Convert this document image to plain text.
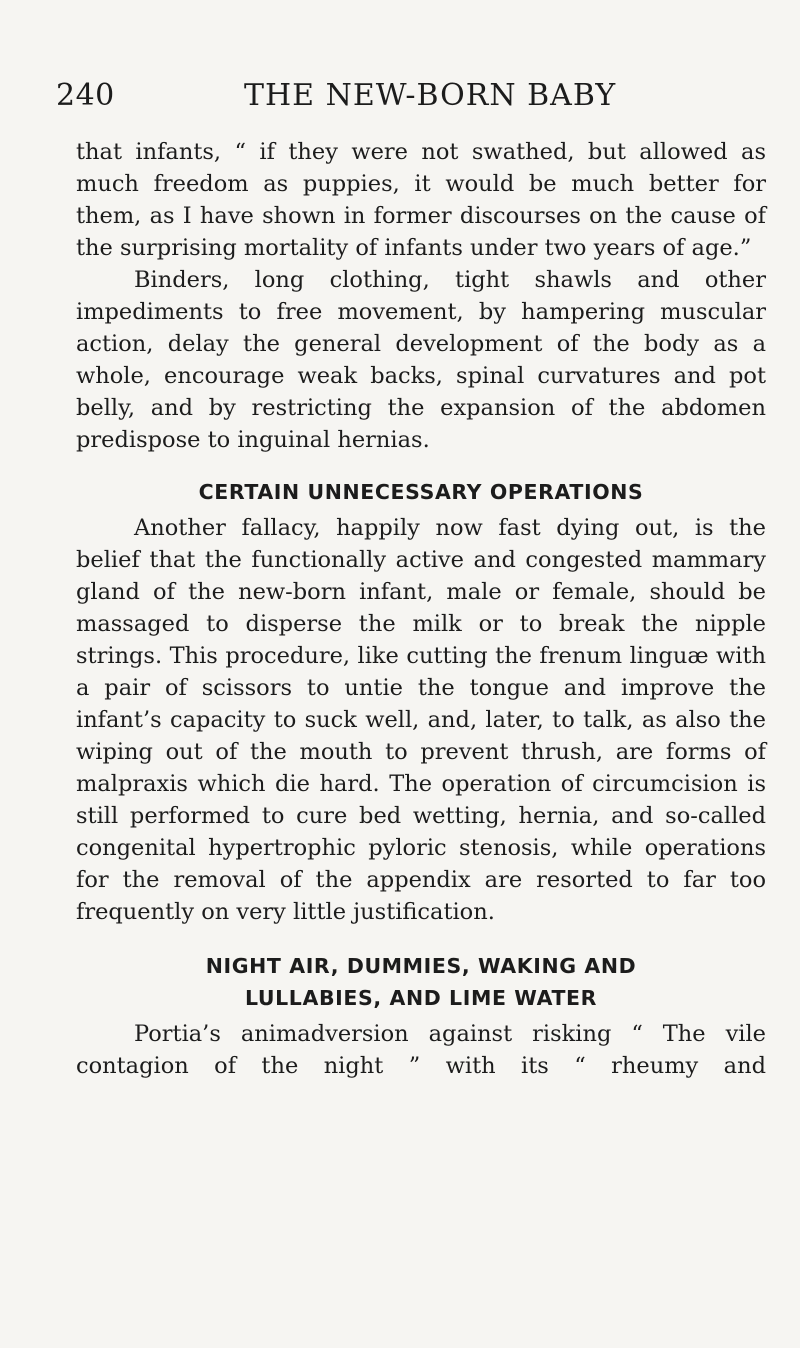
240	THE NEW-BORN BABY

that infants, “ if they were not swathed, but allowed as much freedom as puppies, it would be much better for them, as I have shown in former discourses on the cause of the surprising mortality of infants under two years of age.”

Binders, long clothing, tight shawls and other impediments to free movement, by hampering muscular action, delay the general development of the body as a whole, encourage weak backs, spinal curvatures and pot belly, and by restricting the expansion of the abdomen predispose to inguinal hernias.

CERTAIN UNNECESSARY OPERATIONS

Another fallacy, happily now fast dying out, is the belief that the functionally active and congested mammary gland of the new-born infant, male or female, should be massaged to disperse the milk or to break the nipple strings. This procedure, like cutting the frenum linguæ with a pair of scissors to untie the tongue and improve the infant’s capacity to suck well, and, later, to talk, as also the wiping out of the mouth to prevent thrush, are forms of malpraxis which die hard. The operation of circumcision is still performed to cure bed wetting, hernia, and so-called congenital hypertrophic pyloric stenosis, while operations for the removal of the appendix are resorted to far too frequently on very little justification.

NIGHT AIR, DUMMIES, WAKING AND
LULLABIES, AND LIME WATER

Portia’s animadversion against risking “ The vile contagion of the night ” with its “ rheumy and
